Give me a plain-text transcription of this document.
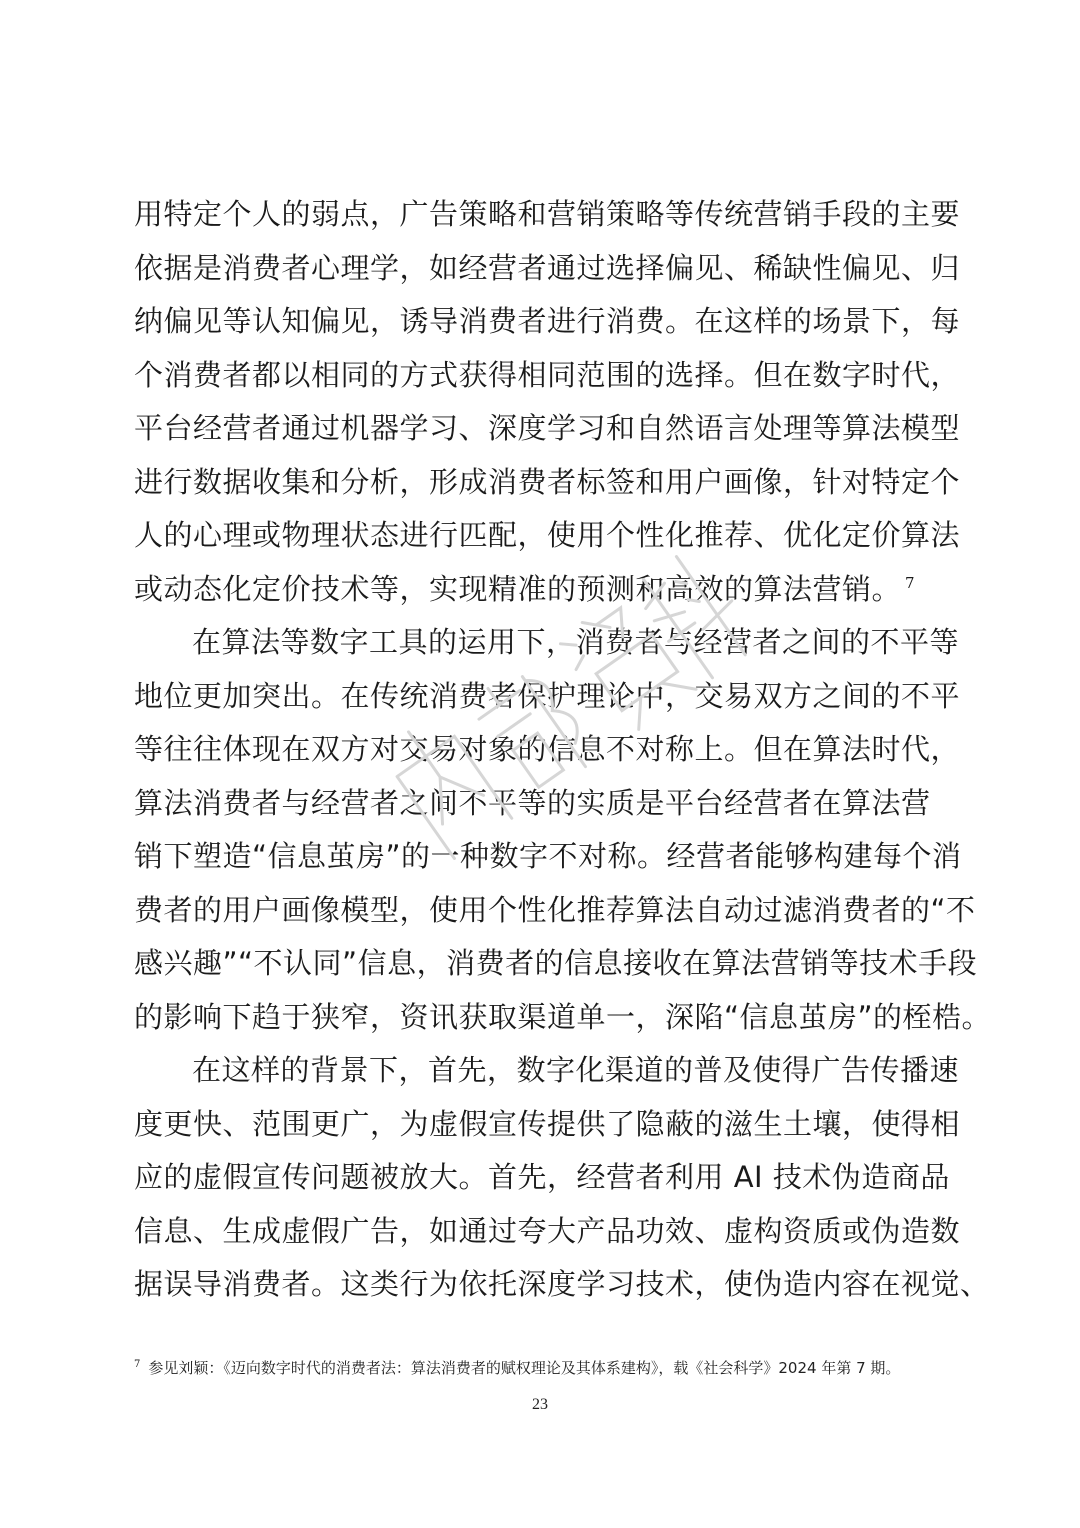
用特定个人的弱点，广告策略和营销策略等传统营销手段的主要
依据是消费者心理学，如经营者通过选择偏见、稀缺性偏见、归
纳偏见等认知偏见，诱导消费者进行消费。在这样的场景下，每
个消费者都以相同的方式获得相同范围的选择。但在数字时代，
平台经营者通过机器学习、深度学习和自然语言处理等算法模型
进行数据收集和分析，形成消费者标签和用户画像，针对特定个
人的心理或物理状态进行匹配，使用个性化推荐、优化定价算法
或动态化定价技术等，实现精准的预测和高效的算法营销。 $^7$
在算法等数字工具的运用下，消费者与经营者之间的不平等
地位更加突出。在传统消费者保护理论中，交易双方之间的不平
等往往体现在双方对交易对象的信息不对称上。但在算法时代，
算法消费者与经营者之间不平等的实质是平台经营者在算法营
销下塑造“信息茧房”的一种数字不对称。经营者能够构建每个消
费者的用户画像模型，使用个性化推荐算法自动过滤消费者的“不
感兴趣”“不认同”信息，消费者的信息接收在算法营销等技术手段
的影响下趋于狭窄，资讯获取渠道单一，深陷“信息茧房”的桎梏。
在这样的背景下，首先，数字化渠道的普及使得广告传播速
度更快、范围更广，为虚假宣传提供了隐蔽的滋生土壤，使得相
应的虚假宣传问题被放大。首先，经营者利用 AI 技术伪造商品
信息、生成虚假广告，如通过夸大产品功效、虚构资质或伪造数
据误导消费者。这类行为依托深度学习技术，使伪造内容在视觉、
$^7$ 参见刘颖：《迈向数字时代的消费者法：算法消费者的赋权理论及其体系建构》，载《社会科学》2024 年第 7 期。
23
